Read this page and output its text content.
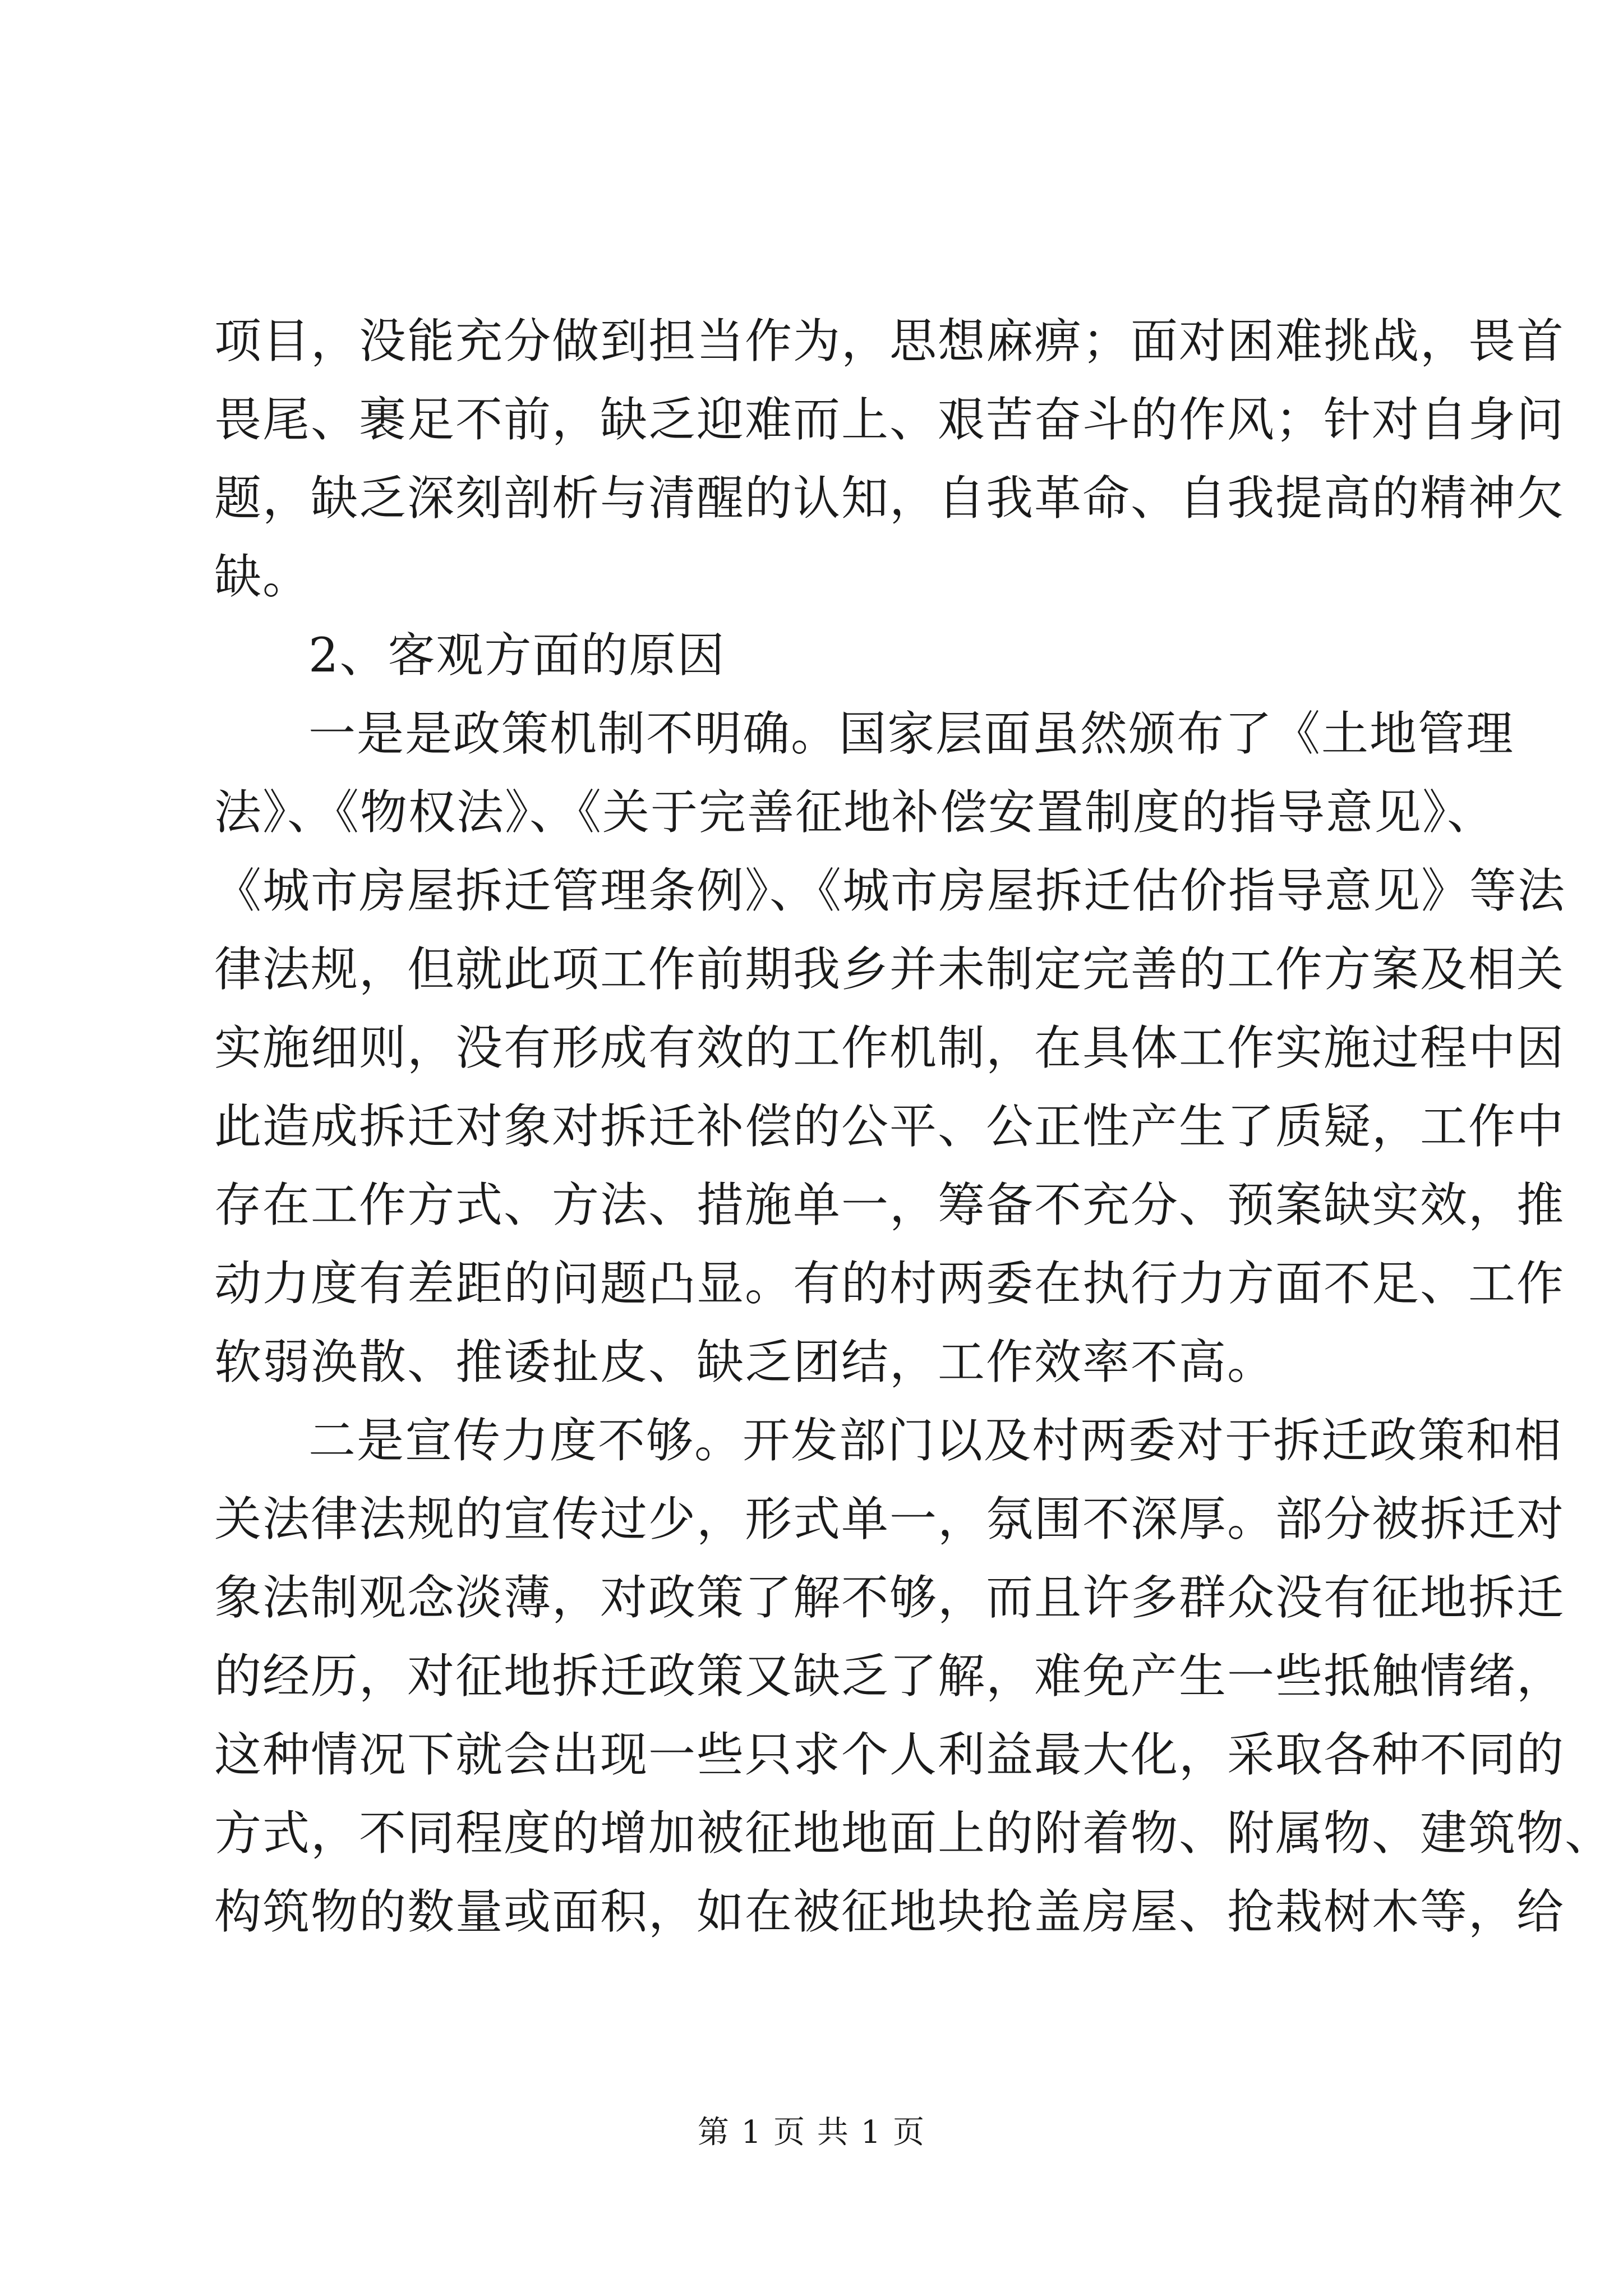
项目，没能充分做到担当作为，思想麻痹；面对困难挑战，畏首
畏尾、裹足不前，缺乏迎难而上、艰苦奋斗的作风；针对自身问
题，缺乏深刻剖析与清醒的认知，自我革命、自我提高的精神欠
缺。
2、客观方面的原因
一是是政策机制不明确。国家层面虽然颁布了《土地管理
法》、《物权法》、《关于完善征地补偿安置制度的指导意见》、
《城市房屋拆迁管理条例》、《城市房屋拆迁估价指导意见》等法
律法规，但就此项工作前期我乡并未制定完善的工作方案及相关
实施细则，没有形成有效的工作机制，在具体工作实施过程中因
此造成拆迁对象对拆迁补偿的公平、公正性产生了质疑，工作中
存在工作方式、方法、措施单一，筹备不充分、预案缺实效，推
动力度有差距的问题凸显。有的村两委在执行力方面不足、工作
软弱涣散、推诿扯皮、缺乏团结，工作效率不高。
二是宣传力度不够。开发部门以及村两委对于拆迁政策和相
关法律法规的宣传过少，形式单一，氛围不深厚。部分被拆迁对
象法制观念淡薄，对政策了解不够，而且许多群众没有征地拆迁
的经历，对征地拆迁政策又缺乏了解，难免产生一些抵触情绪，
这种情况下就会出现一些只求个人利益最大化，采取各种不同的
方式，不同程度的增加被征地地面上的附着物、附属物、建筑物、
构筑物的数量或面积，如在被征地块抢盖房屋、抢栽树木等，给
第 1 页 共 1 页
